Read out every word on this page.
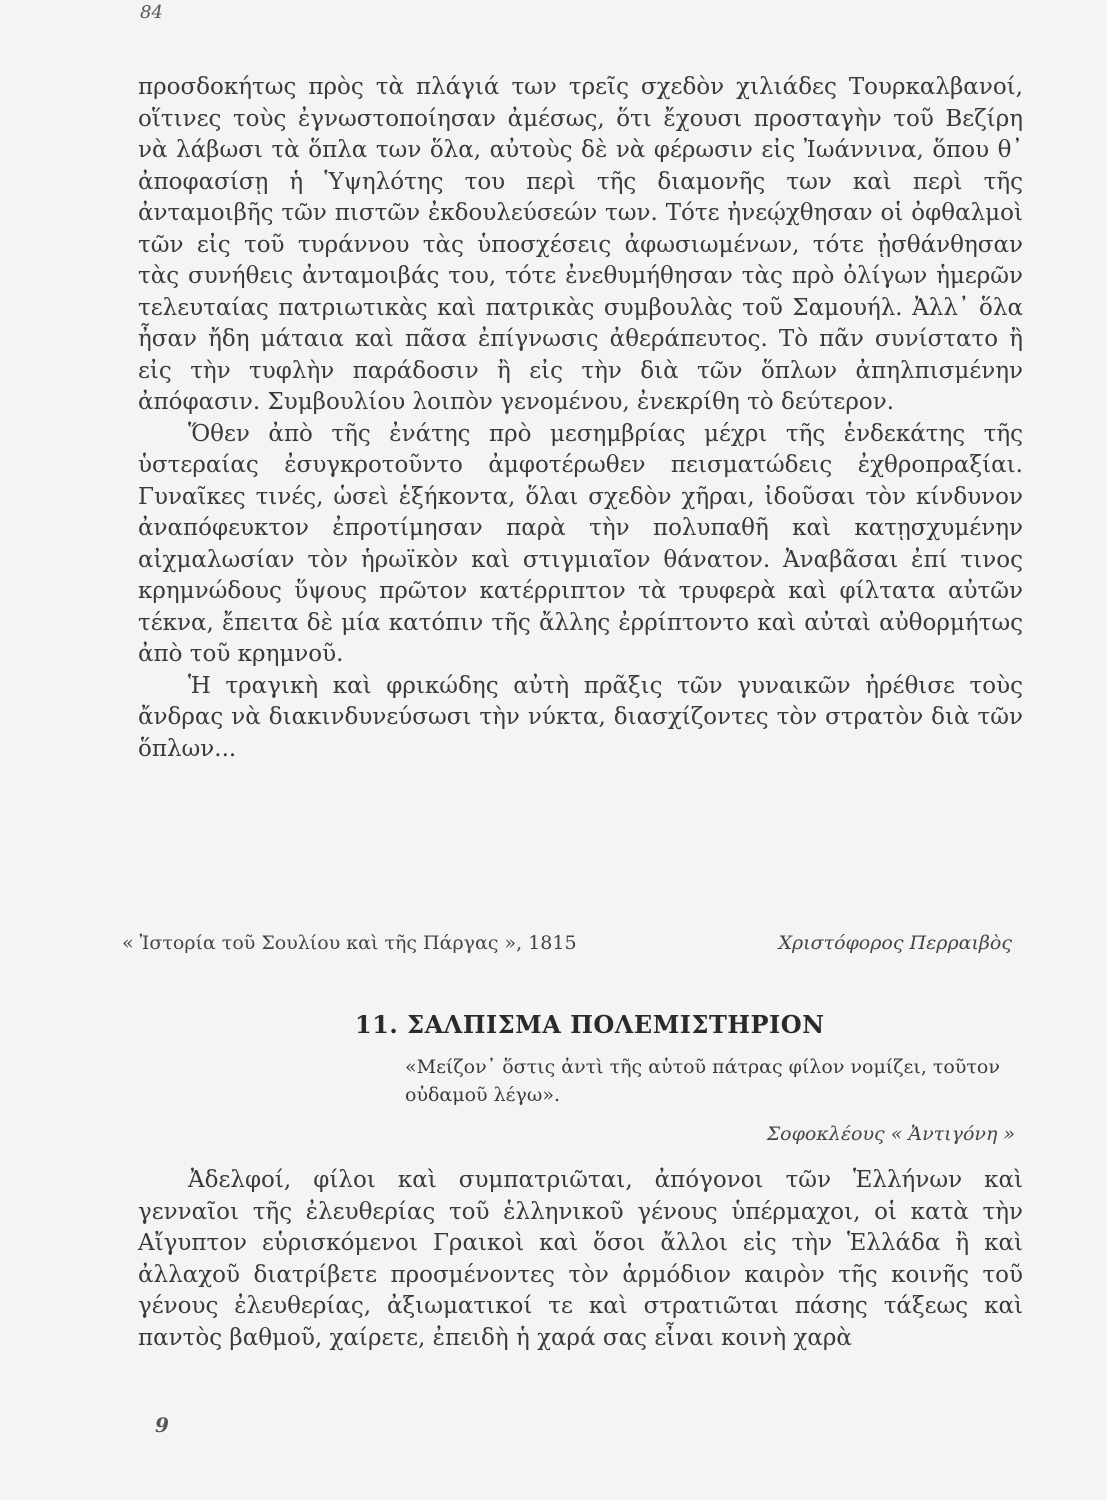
84

προσδοκήτως πρὸς τὰ πλάγιά των τρεῖς σχεδὸν χιλιάδες Τουρκαλβανοί, οἵτινες τοὺς ἐγνωστοποίησαν ἀμέσως, ὅτι ἔχουσι προσταγὴν τοῦ Βεζίρη νὰ λάβωσι τὰ ὅπλα των ὅλα, αὐτοὺς δὲ νὰ φέρωσιν εἰς Ἰωάννινα, ὅπου θ᾽ ἀποφασίσῃ ἡ Ὑψηλότης του περὶ τῆς διαμονῆς των καὶ περὶ τῆς ἀνταμοιβῆς τῶν πιστῶν ἐκδουλεύσεών των. Τότε ἠνεῴχθησαν οἱ ὀφθαλμοὶ τῶν εἰς τοῦ τυράννου τὰς ὑποσχέσεις ἀφωσιωμένων, τότε ᾐσθάνθησαν τὰς συνήθεις ἀνταμοιβάς του, τότε ἐνεθυμήθησαν τὰς πρὸ ὀλίγων ἡμερῶν τελευταίας πατριωτικὰς καὶ πατρικὰς συμβουλὰς τοῦ Σαμουήλ. Ἀλλ᾽ ὅλα ἦσαν ἤδη μάταια καὶ πᾶσα ἐπίγνωσις ἀθεράπευτος. Τὸ πᾶν συνίστατο ἢ εἰς τὴν τυφλὴν παράδοσιν ἢ εἰς τὴν διὰ τῶν ὅπλων ἀπηλπισμένην ἀπόφασιν. Συμβουλίου λοιπὸν γενομένου, ἐνεκρίθη τὸ δεύτερον.

Ὅθεν ἀπὸ τῆς ἐνάτης πρὸ μεσημβρίας μέχρι τῆς ἑνδεκάτης τῆς ὑστεραίας ἐσυγκροτοῦντο ἀμφοτέρωθεν πεισματώδεις ἐχθροπραξίαι. Γυναῖκες τινές, ὡσεὶ ἑξήκοντα, ὅλαι σχεδὸν χῆραι, ἰδοῦσαι τὸν κίνδυνον ἀναπόφευκτον ἐπροτίμησαν παρὰ τὴν πολυπαθῆ καὶ κατῃσχυμένην αἰχμαλωσίαν τὸν ἡρωϊκὸν καὶ στιγμιαῖον θάνατον. Ἀναβᾶσαι ἐπί τινος κρημνώδους ὕψους πρῶτον κατέρριπτον τὰ τρυφερὰ καὶ φίλτατα αὐτῶν τέκνα, ἔπειτα δὲ μία κατόπιν τῆς ἄλλης ἐρρίπτοντο καὶ αὐταὶ αὐθορμήτως ἀπὸ τοῦ κρημνοῦ.

Ἡ τραγικὴ καὶ φρικώδης αὐτὴ πρᾶξις τῶν γυναικῶν ἠρέθισε τοὺς ἄνδρας νὰ διακινδυνεύσωσι τὴν νύκτα, διασχίζοντες τὸν στρατὸν διὰ τῶν ὅπλων...

« Ἱστορία τοῦ Σουλίου καὶ τῆς Πάργας », 1815	Χριστόφορος Περραιβὸς
11. ΣΑΛΠΙΣΜΑ ΠΟΛΕΜΙΣΤΗΡΙΟΝ
«Μείζον᾽ ὅστις ἀντὶ τῆς αὑτοῦ πάτρας φίλον νομίζει, τοῦτον οὐδαμοῦ λέγω».
Σοφοκλέους « Ἀντιγόνη »

Ἀδελφοί, φίλοι καὶ συμπατριῶται, ἀπόγονοι τῶν Ἑλλήνων καὶ γενναῖοι τῆς ἐλευθερίας τοῦ ἑλληνικοῦ γένους ὑπέρμαχοι, οἱ κατὰ τὴν Αἴγυπτον εὑρισκόμενοι Γραικοὶ καὶ ὅσοι ἄλλοι εἰς τὴν Ἑλλάδα ἢ καὶ ἀλλαχοῦ διατρίβετε προσμένοντες τὸν ἁρμόδιον καιρὸν τῆς κοινῆς τοῦ γένους ἐλευθερίας, ἀξιωματικοί τε καὶ στρατιῶται πάσης τάξεως καὶ παντὸς βαθμοῦ, χαίρετε, ἐπειδὴ ἡ χαρά σας εἶναι κοινὴ χαρὰ

9
